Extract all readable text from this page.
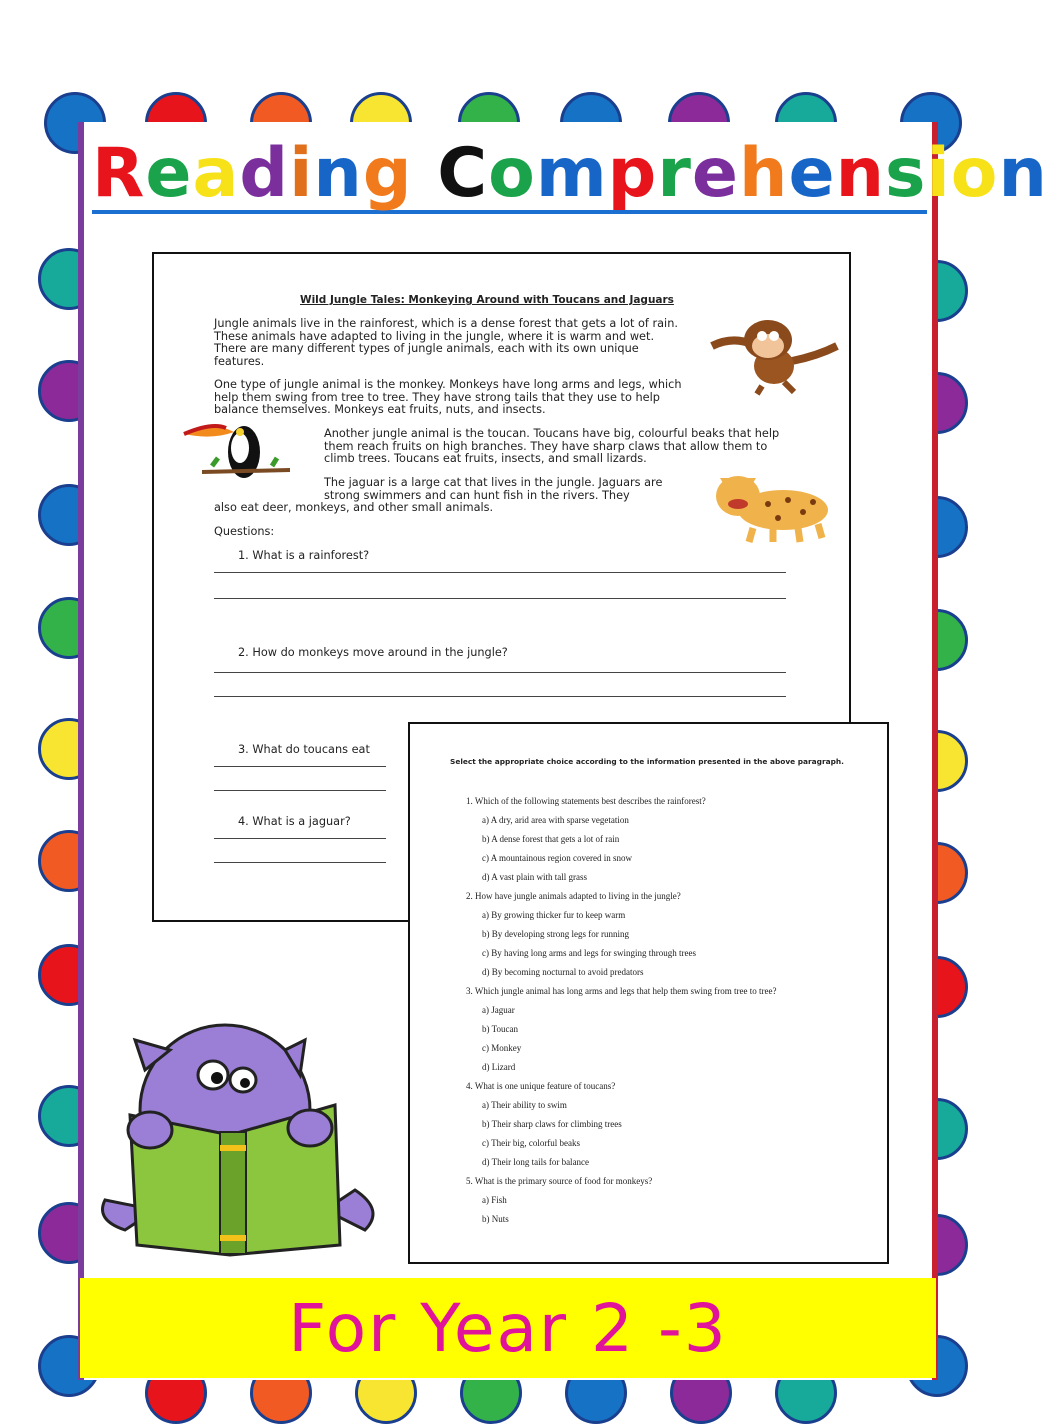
Reading Comprehension
Wild Jungle Tales: Monkeying Around with Toucans and Jaguars
Jungle animals live in the rainforest, which is a dense forest that gets a lot of rain. These animals have adapted to living in the jungle, where it is warm and wet. There are many different types of jungle animals, each with its own unique features.
One type of jungle animal is the monkey. Monkeys have long arms and legs, which help them swing from tree to tree. They have strong tails that they use to help balance themselves. Monkeys eat fruits, nuts, and insects.
Another jungle animal is the toucan. Toucans have big, colourful beaks that help them reach fruits on high branches. They have sharp claws that allow them to climb trees. Toucans eat fruits, insects, and small lizards.
The jaguar is a large cat that lives in the jungle. Jaguars are strong swimmers and can hunt fish in the rivers. They
also eat deer, monkeys, and other small animals.
Questions:
1. What is a rainforest?
2. How do monkeys move around in the jungle?
3. What do toucans eat
4. What is a jaguar?
Select the appropriate choice according to the information presented in the above paragraph.
1. Which of the following statements best describes the rainforest?
a) A dry, arid area with sparse vegetation
b) A dense forest that gets a lot of rain
c) A mountainous region covered in snow
d) A vast plain with tall grass
2. How have jungle animals adapted to living in the jungle?
a) By growing thicker fur to keep warm
b) By developing strong legs for running
c) By having long arms and legs for swinging through trees
d) By becoming nocturnal to avoid predators
3. Which jungle animal has long arms and legs that help them swing from tree to tree?
a) Jaguar
b) Toucan
c) Monkey
d) Lizard
4. What is one unique feature of toucans?
a) Their ability to swim
b) Their sharp claws for climbing trees
c) Their big, colorful beaks
d) Their long tails for balance
5. What is the primary source of food for monkeys?
a) Fish
b) Nuts
For Year 2 -3
